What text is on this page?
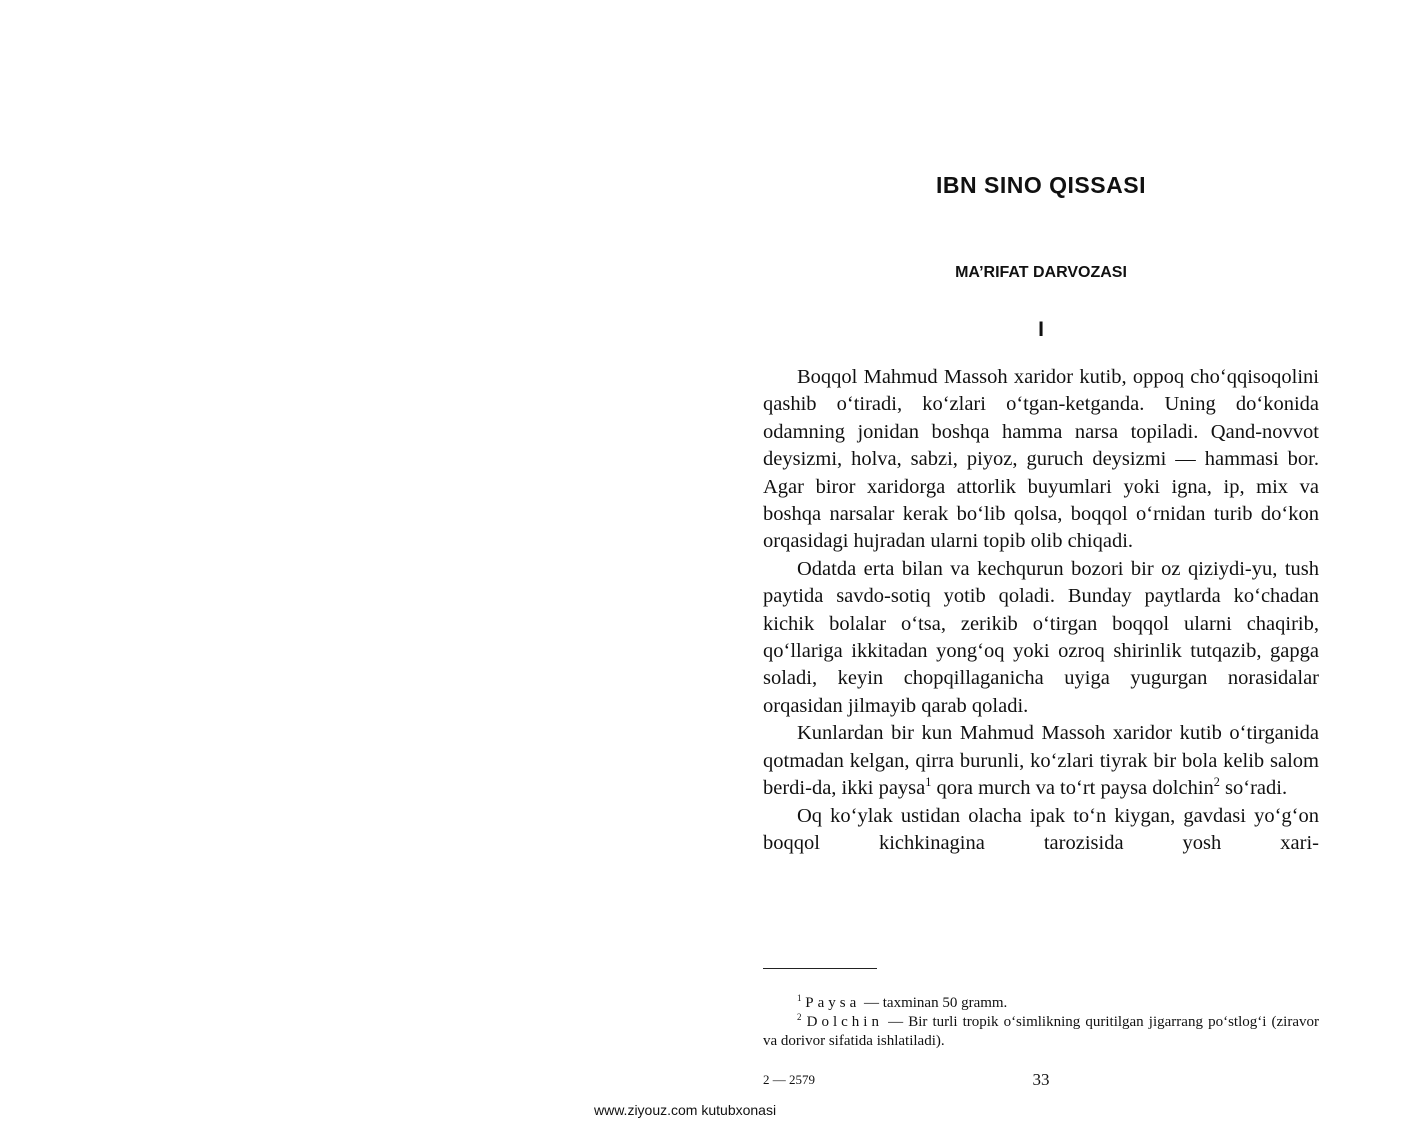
IBN SINO QISSASI
MA’RIFAT DARVOZASI
I

Boqqol Mahmud Massoh xaridor kutib, oppoq cho‘qqisoqolini qashib o‘tiradi, ko‘zlari o‘tgan-ketganda. Uning do‘konida odamning jonidan boshqa hamma narsa topiladi. Qand-novvot deysizmi, holva, sabzi, piyoz, guruch deysizmi — hammasi bor. Agar biror xaridorga attorlik buyumlari yoki igna, ip, mix va boshqa narsalar kerak bo‘lib qolsa, boqqol o‘rnidan turib do‘kon orqasidagi hujradan ularni topib olib chiqadi.

Odatda erta bilan va kechqurun bozori bir oz qiziydi-yu, tush paytida savdo-sotiq yotib qoladi. Bunday paytlarda ko‘chadan kichik bolalar o‘tsa, zerikib o‘tirgan boqqol ularni chaqirib, qo‘llariga ikkitadan yong‘oq yoki ozroq shirinlik tutqazib, gapga soladi, keyin chopqillaganicha uyiga yugurgan norasidalar orqasidan jilmayib qarab qoladi.

Kunlardan bir kun Mahmud Massoh xaridor kutib o‘tirganida qotmadan kelgan, qirra burunli, ko‘zlari tiyrak bir bola kelib salom berdi-da, ikki paysa$^1$ qora murch va to‘rt paysa dolchin$^2$ so‘radi.

Oq ko‘ylak ustidan olacha ipak to‘n kiygan, gavdasi yo‘g‘on boqqol kichkinagina tarozisida yosh xari-

$^1$ Paysa — taxminan 50 gramm.

$^2$ Dolchin — Bir turli tropik o‘simlikning quritilgan jigarrang po‘stlog‘i (ziravor va dorivor sifatida ishlatiladi).

2 — 2579	33
www.ziyouz.com kutubxonasi
